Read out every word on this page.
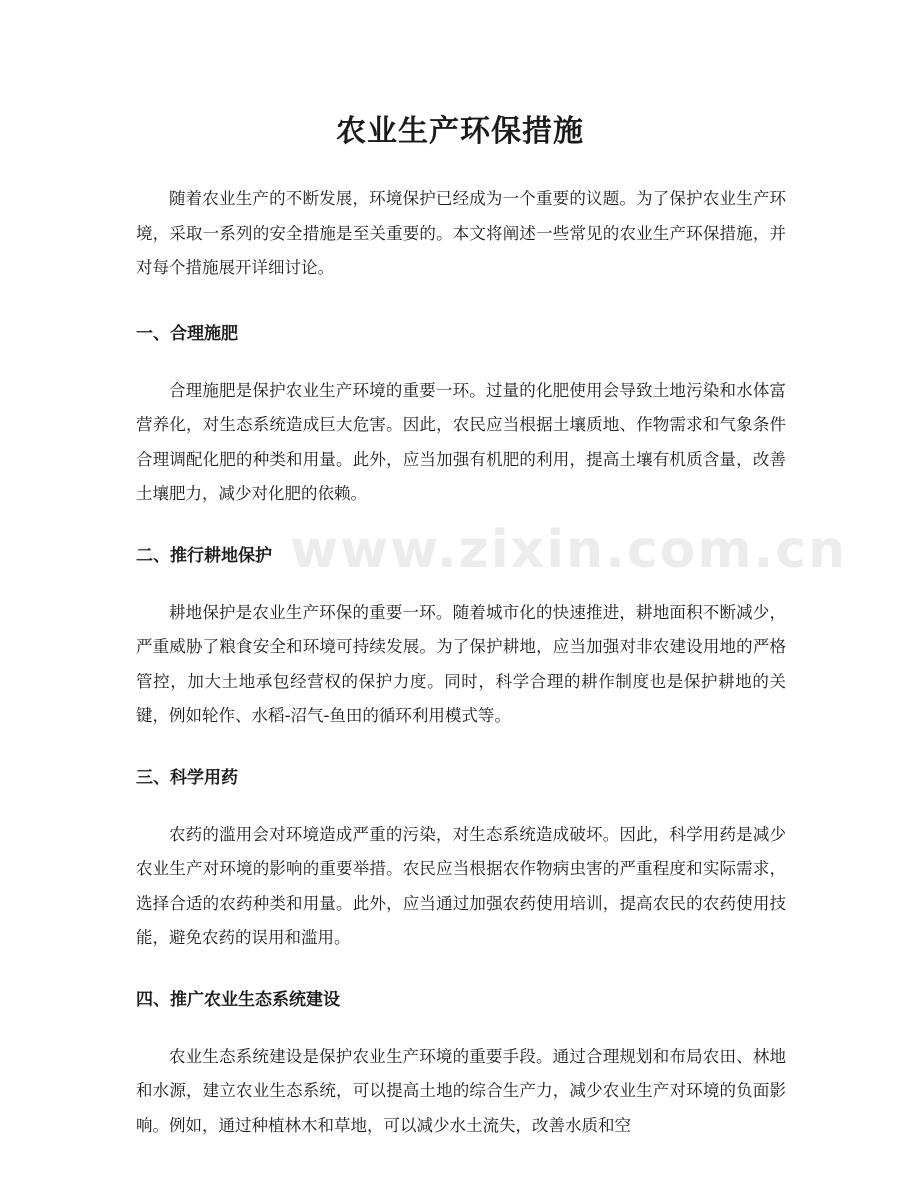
农业生产环保措施

随着农业生产的不断发展，环境保护已经成为一个重要的议题。为了保护农业生产环境，采取一系列的安全措施是至关重要的。本文将阐述一些常见的农业生产环保措施，并对每个措施展开详细讨论。

一、合理施肥

合理施肥是保护农业生产环境的重要一环。过量的化肥使用会导致土地污染和水体富营养化，对生态系统造成巨大危害。因此，农民应当根据土壤质地、作物需求和气象条件合理调配化肥的种类和用量。此外，应当加强有机肥的利用，提高土壤有机质含量，改善土壤肥力，减少对化肥的依赖。

二、推行耕地保护

耕地保护是农业生产环保的重要一环。随着城市化的快速推进，耕地面积不断减少，严重威胁了粮食安全和环境可持续发展。为了保护耕地，应当加强对非农建设用地的严格管控，加大土地承包经营权的保护力度。同时，科学合理的耕作制度也是保护耕地的关键，例如轮作、水稻-沼气-鱼田的循环利用模式等。

三、科学用药

农药的滥用会对环境造成严重的污染，对生态系统造成破坏。因此，科学用药是减少农业生产对环境的影响的重要举措。农民应当根据农作物病虫害的严重程度和实际需求，选择合适的农药种类和用量。此外，应当通过加强农药使用培训，提高农民的农药使用技能，避免农药的误用和滥用。

四、推广农业生态系统建设

农业生态系统建设是保护农业生产环境的重要手段。通过合理规划和布局农田、林地和水源，建立农业生态系统，可以提高土地的综合生产力，减少农业生产对环境的负面影响。例如，通过种植林木和草地，可以减少水土流失，改善水质和空

www.zixin.com.cn
